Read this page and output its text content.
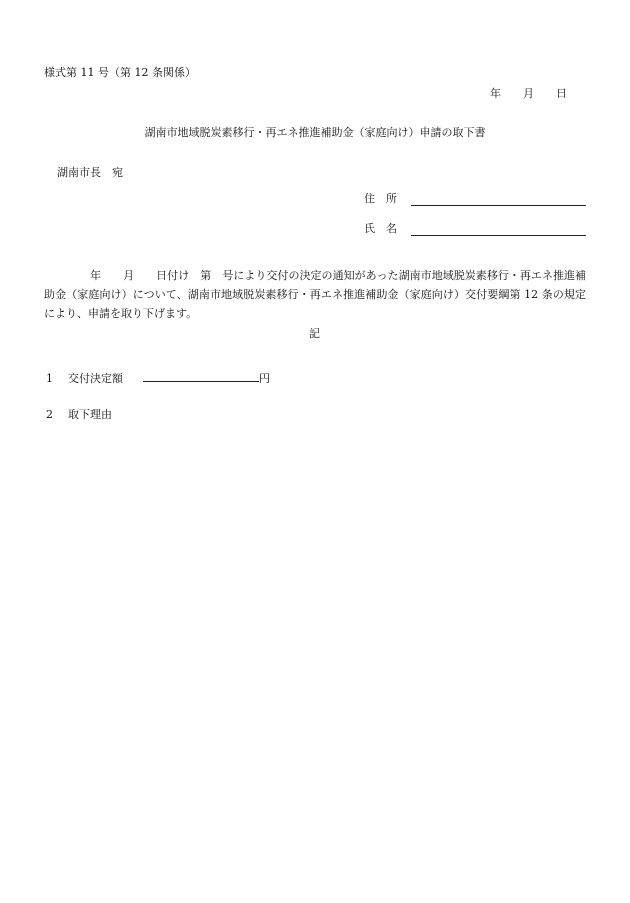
様式第 11 号（第 12 条関係）
年 月 日
湖南市地域脱炭素移行・再エネ推進補助金（家庭向け）申請の取下書
湖南市長　宛
住　所
氏　名
年 月 日付け　 第　 号により交付の決定の通知があった湖南市地域脱炭素移行・再エネ推進補助金（家庭向け）について、湖南市地域脱炭素移行・再エネ推進補助金（家庭向け）交付要綱第 12 条の規定により、申請を取り下げます。
記
1 交付決定額	円
2 取下理由
